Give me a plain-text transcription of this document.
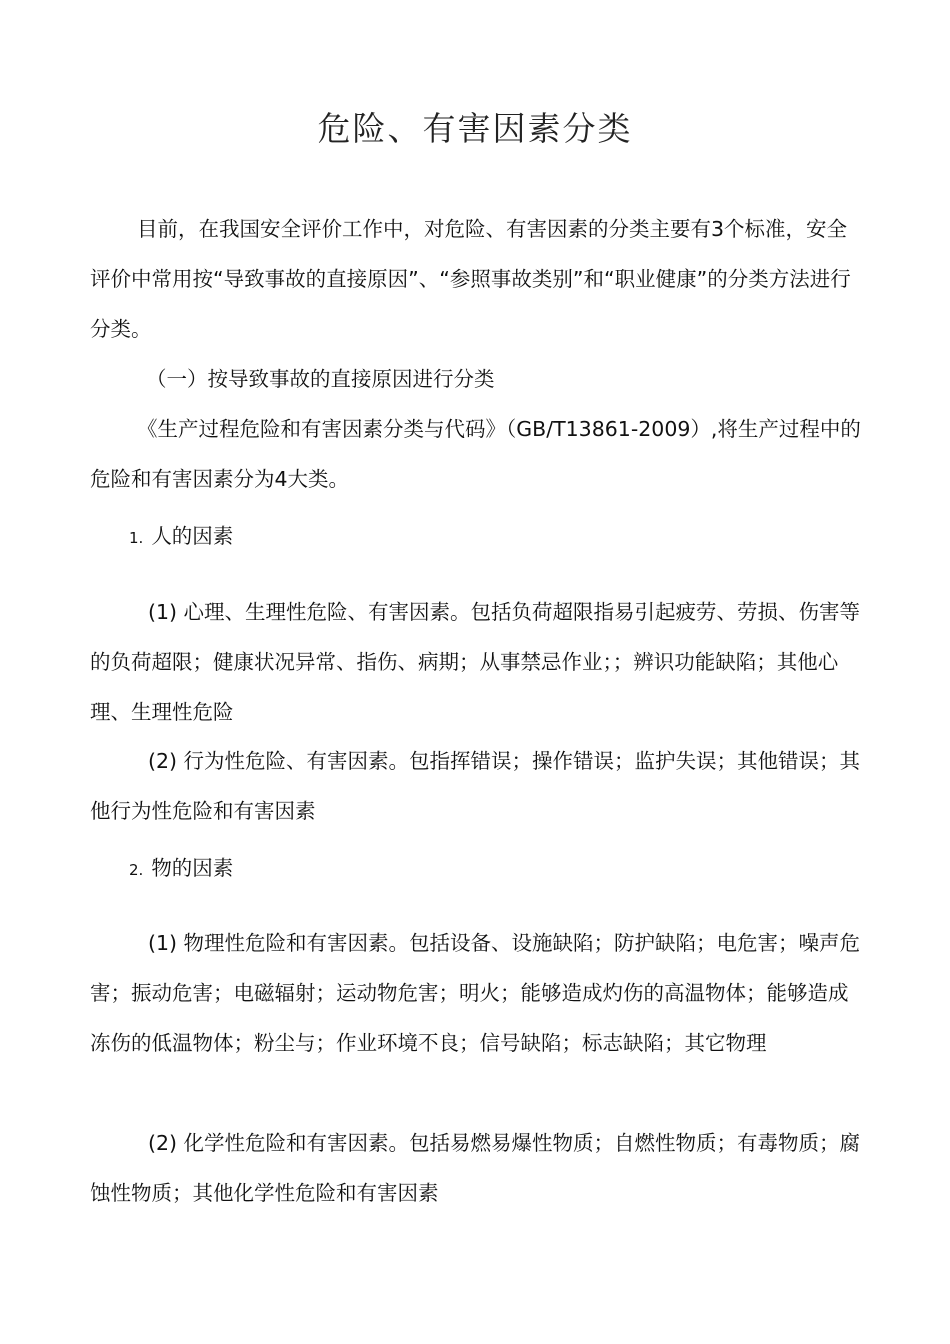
危险、有害因素分类

目前，在我国安全评价工作中，对危险、有害因素的分类主要有3个标准，安全评价中常用按“导致事故的直接原因”、“参照事故类别”和“职业健康”的分类方法进行分类。

（一）按导致事故的直接原因进行分类

《生产过程危险和有害因素分类与代码》（GB/T13861-2009）,将生产过程中的危险和有害因素分为4大类。

1. 人的因素

(1) 心理、生理性危险、有害因素。包括负荷超限指易引起疲劳、劳损、伤害等的负荷超限；健康状况异常、指伤、病期；从事禁忌作业；；辨识功能缺陷；其他心理、生理性危险

(2) 行为性危险、有害因素。包指挥错误；操作错误；监护失误；其他错误；其他行为性危险和有害因素

2. 物的因素

(1) 物理性危险和有害因素。包括设备、设施缺陷；防护缺陷；电危害；噪声危害；振动危害；电磁辐射；运动物危害；明火；能够造成灼伤的高温物体；能够造成冻伤的低温物体；粉尘与；作业环境不良；信号缺陷；标志缺陷；其它物理

(2) 化学性危险和有害因素。包括易燃易爆性物质；自燃性物质；有毒物质；腐蚀性物质；其他化学性危险和有害因素
